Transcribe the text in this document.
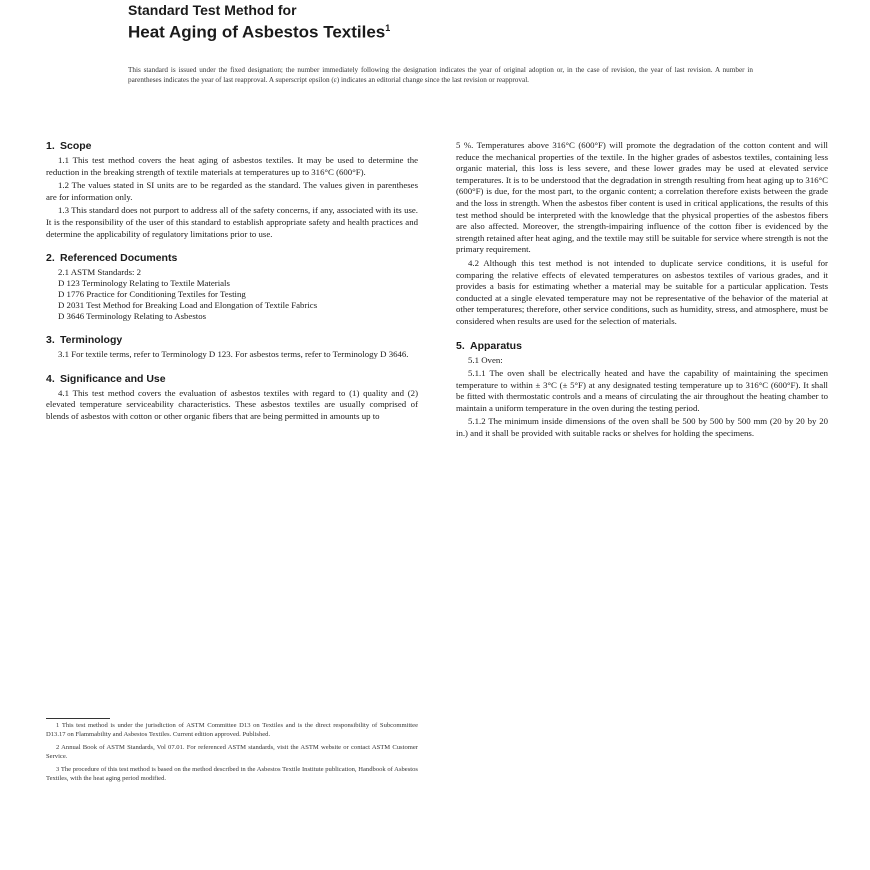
Standard Test Method for
Heat Aging of Asbestos Textiles$^1$
This standard is issued under the fixed designation; the number immediately following the designation indicates the year of original adoption or, in the case of revision, the year of last revision. A number in parentheses indicates the year of last reapproval. A superscript epsilon (ε) indicates an editorial change since the last revision or reapproval.
1. Scope

1.1 This test method covers the heat aging of asbestos textiles. It may be used to determine the reduction in the breaking strength of textile materials at temperatures up to 316°C (600°F).

1.2 The values stated in SI units are to be regarded as the standard. The values given in parentheses are for information only.

1.3 This standard does not purport to address all of the safety concerns, if any, associated with its use. It is the responsibility of the user of this standard to establish appropriate safety and health practices and determine the applicability of regulatory limitations prior to use.

2. Referenced Documents
2.1 ASTM Standards: 2
D 123 Terminology Relating to Textile Materials
D 1776 Practice for Conditioning Textiles for Testing
D 2031 Test Method for Breaking Load and Elongation of Textile Fabrics
D 3646 Terminology Relating to Asbestos
3. Terminology

3.1 For textile terms, refer to Terminology D 123. For asbestos terms, refer to Terminology D 3646.

4. Significance and Use

4.1 This test method covers the evaluation of asbestos textiles with regard to (1) quality and (2) elevated temperature serviceability characteristics. These asbestos textiles are usually comprised of blends of asbestos with cotton or other organic fibers that are being permitted in amounts up to

1 This test method is under the jurisdiction of ASTM Committee D13 on Textiles and is the direct responsibility of Subcommittee D13.17 on Flammability and Asbestos Textiles. Current edition approved. Published.

2 Annual Book of ASTM Standards, Vol 07.01. For referenced ASTM standards, visit the ASTM website or contact ASTM Customer Service.

3 The procedure of this test method is based on the method described in the Asbestos Textile Institute publication, Handbook of Asbestos Textiles, with the heat aging period modified.

5 %. Temperatures above 316°C (600°F) will promote the degradation of the cotton content and will reduce the mechanical properties of the textile. In the higher grades of asbestos textiles, containing less organic material, this loss is less severe, and these lower grades may be used at elevated service temperatures. It is to be understood that the degradation in strength resulting from heat aging up to 316°C (600°F) is due, for the most part, to the organic content; a correlation therefore exists between the grade and the loss in strength. When the asbestos fiber content is used in critical applications, the results of this test method should be interpreted with the knowledge that the physical properties of the asbestos fibers are also affected. Moreover, the strength-impairing influence of the cotton fiber is evidenced by the strength retained after heat aging, and the textile may still be suitable for service where strength is not the primary requirement.

4.2 Although this test method is not intended to duplicate service conditions, it is useful for comparing the relative effects of elevated temperatures on asbestos textiles of various grades, and it provides a basis for estimating whether a material may be suitable for a particular application. Tests conducted at a single elevated temperature may not be representative of the behavior of the material at other temperatures; therefore, other service conditions, such as humidity, stress, and atmosphere, must be considered when results are used for the selection of materials.

5. Apparatus

5.1 Oven:

5.1.1 The oven shall be electrically heated and have the capability of maintaining the specimen temperature to within ± 3°C (± 5°F) at any designated testing temperature up to 316°C (600°F). It shall be fitted with thermostatic controls and a means of circulating the air throughout the heating chamber to maintain a uniform temperature in the oven during the testing period.

5.1.2 The minimum inside dimensions of the oven shall be 500 by 500 by 500 mm (20 by 20 by 20 in.) and it shall be provided with suitable racks or shelves for holding the specimens.
